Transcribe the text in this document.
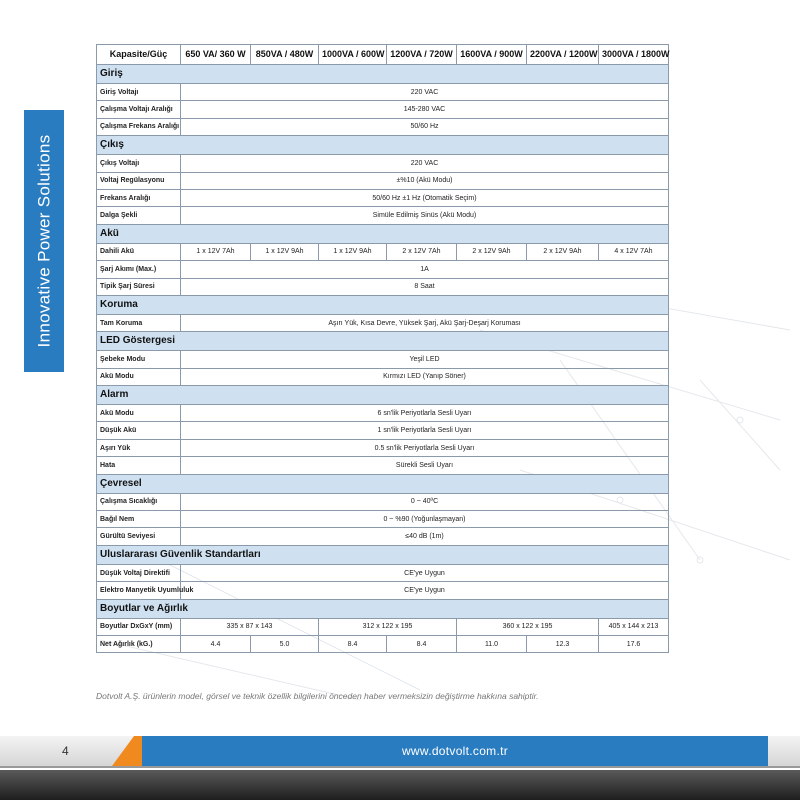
Innovative Power Solutions
Kapasite/Güç	650 VA/ 360 W	850VA / 480W	1000VA / 600W	1200VA / 720W	1600VA / 900W	2200VA / 1200W	3000VA / 1800W
Giriş							
Giriş Voltajı	220 VAC						
Çalışma Voltajı Aralığı	145-280 VAC						
Çalışma Frekans Aralığı	50/60 Hz						
Çıkış							
Çıkış Voltajı	220 VAC						
Voltaj Regülasyonu	±%10 (Akü Modu)						
Frekans Aralığı	50/60 Hz ±1 Hz (Otomatik Seçim)						
Dalga Şekli	Simüle Edilmiş Sinüs (Akü Modu)						
Akü							
Dahili Akü	1 x 12V 7Ah	1 x 12V 9Ah	1 x 12V 9Ah	2 x 12V 7Ah	2 x 12V 9Ah	2 x 12V 9Ah	4 x 12V 7Ah
Şarj Akımı (Max.)	1A						
Tipik Şarj Süresi	8 Saat						
Koruma							
Tam Koruma	Aşırı Yük, Kısa Devre, Yüksek Şarj, Akü Şarj-Deşarj Koruması						
LED Göstergesi							
Şebeke Modu	Yeşil LED						
Akü Modu	Kırmızı LED (Yanıp Söner)						
Alarm							
Akü Modu	6 sn'lik Periyotlarla Sesli Uyarı						
Düşük Akü	1 sn'lik Periyotlarla Sesli Uyarı						
Aşırı Yük	0.5 sn'lik Periyotlarla Sesli Uyarı						
Hata	Sürekli Sesli Uyarı						
Çevresel							
Çalışma Sıcaklığı	0 ~ 40ºC						
Bağıl Nem	0 ~ %90 (Yoğunlaşmayan)						
Gürültü Seviyesi	≤40 dB (1m)						
Uluslararası Güvenlik Standartları							
Düşük Voltaj Direktifi	CE'ye Uygun						
Elektro Manyetik Uyumluluk	CE'ye Uygun						
Boyutlar ve Ağırlık							
Boyutlar DxGxY (mm)	335 x 87 x 143		312 x 122 x 195		360 x 122 x 195		405 x 144 x 213
Net Ağırlık (kG.)	4.4	5.0	8.4	8.4	11.0	12.3	17.6
Dotvolt A.Ş. ürünlerin model, görsel ve teknik özellik bilgilerini önceden haber vermeksizin değiştirme hakkına sahiptir.
4	www.dotvolt.com.tr
